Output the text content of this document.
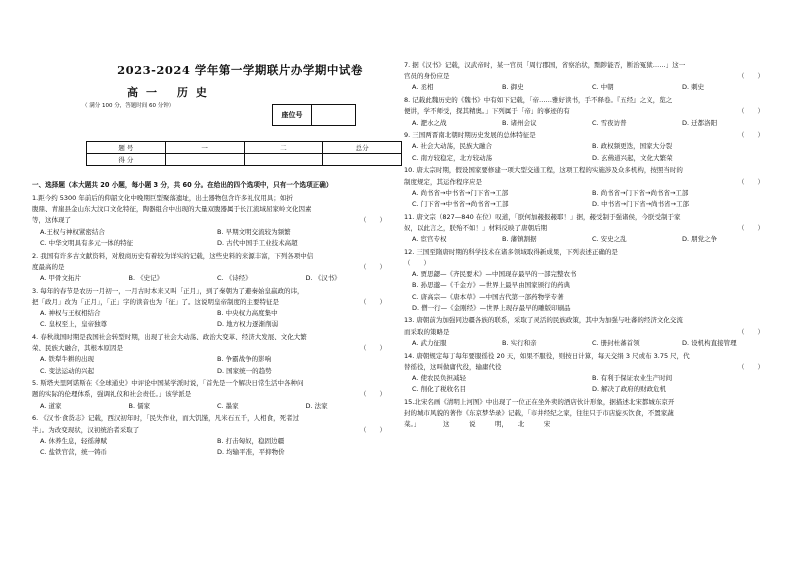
2023-2024 学年第一学期联片办学期中试卷
高一 历史
（ 满分 100 分，答题时间 60 分钟）
座位号
题 号	一	二	总分
得 分			
一、选择题（本大题共 20 小题，每小题 3 分，共 60 分。在给出的四个选项中，只有一个选项正确）
1.距今约 5300 年前后的仰韶文化中晚期巨型聚落遗址，出土器物包含许多礼仪用具；如折
腹鼎、青崖县金山东大汶口文化特征，陶器组合中出现的大量双腹器属于长江流域屈家岭文化因素
等，这体现了	（　　）
A.王权与神权紧密结合	B. 早期文明交流较为频繁
C. 中华文明具有多元一体的特征	D. 古代中国手工业技术高超
2. 我国有许多古文献资料，对殷商历史有着较为详实的记载，这些史料的来源丰富，下列各项中信
度最高的是	（　　）
A. 甲骨文拓片	B. 《史记》	C. 《诗经》	D. 《汉书》
3. 每年的春节是农历一月初一，一月古时本来又叫「正月」，到了秦朝为了避秦始皇嬴政的讳，
把「政月」改为「正月」，「正」字的读音也为「征」了。这说明皇帝制度的主要特征是	（　　）
A. 神权与王权相结合	B. 中央权力高度集中
C. 皇权至上，皇帝独尊	D. 地方权力逐渐削弱
4. 春秋战国时期是我国社会转型时期，出现了社会大动荡、政治大变革、经济大发展、文化大繁
荣、民族大融合，其根本原因是	（　　）
A. 铁犁牛耕的出现	B. 争霸战争的影响
C. 变法运动的兴起	D. 国家统一的趋势
5. 斯塔夫里阿诺斯在《全球通史》中评论中国某学派时说，「首先是一个解决日常生活中各种问
题的实际的伦理体系，强调礼仪和社会责任。」该学派是	（　　）
A. 道家	B. 儒家	C. 墨家	D. 法家
6. 《汉书·食货志》记载，西汉初年时，「民失作业，而大饥馑，凡米石五千，人相食，死者过
半」。为改变现状，汉初统治者采取了	（　　）
A. 休养生息，轻徭薄赋	B. 打击匈奴，稳固边疆
C. 盐铁官营，统一铸币	D. 均输平准，平抑物价
7. 据《汉书》记载，汉武帝时，某一官员「周行郡国，省察治状，黜陟能否，断治冤狱……」这一
官员的身份应是	（　　）
A. 丞相	B. 御史	C. 中朝	D. 刺史
8. 记载此魏历史的《魏书》中有如下记载，「帝……雅好读书，手不释卷。『五经』之义，览之
便讲，学不师受，探其精奥。」下列属于「帝」的事迹的有	（　　）
A. 淝水之战	B. 诸州会议	C. 雪夜访普	D. 迁都洛阳
9. 三国两晋南北朝时期历史发展的总体特征是	（　　）
A. 社会大动荡，民族大融合	B. 政权频更迭，国家大分裂
C. 南方较稳定，北方较动荡	D. 玄佛道兴起，文化大繁荣
10. 唐太宗时期，假设国家要修建一项大型交通工程，这项工程的实施涉及众多机构，按照当时的
制度规定，其运作程序应是	（　　）
A. 尚书省→中书省→门下省→工部	B. 尚书省→门下省→尚书省→工部
C. 门下省→中书省→尚书省→工部	D. 中书省→门下省→尚书省→工部
11. 唐文宗（827—840 在位）叹道，「朕何加赧报赧耶！」据，赧受制于强诸侯，今朕受制于家
奴，以此言之，朕殆不如！」材料反映了唐朝后期	（　　）
A. 宦官专权	B. 藩镇割据	C. 安史之乱	D. 朋党之争
12. 三国至隋唐时期的科学技术在诸多领域取得新成果，下列表述正确的是
（　　）
A. 贾思勰—《齐民要术》—中国现存最早的一部完整农书
B. 孙思邈—《千金方》—世界上最早由国家颁行的药典
C. 唐高宗—《唐本草》—中国古代第一部药物学专著
D. 僧一行—《金刚经》—世界上现存最早的雕版印刷品
13. 唐朝前为加强同边疆各族的联系，采取了灵活的民族政策，其中为加强与吐蕃的经济文化交流
而采取的策略是	（　　）
A. 武力征服	B. 实行和亲	C. 册封杜蕃首领	D. 设机构直接管理
14. 唐朝规定每丁每年要服徭役 20 天，如果不服役，则按日计算，每天交绢 3 尺或布 3.75 尺，代
替徭役，这叫做庸代役，输庸代役	（　　）
A. 使农民负担减轻	B. 有利于保证农业生产时间
C. 削化了税收名目	D. 解决了政府的财政危机
15.北宋名画《清明上河图》中出现了一位正在坐外卖的酒店伙计形象，据描述北宋都城东京开
封的城市风貌的著作《东京梦华录》记载，「市井经纪之家，往往只于市店旋买饮食，不置家蔬
菜。」　　　　这　　　说　　　明，　　北　　　宋
